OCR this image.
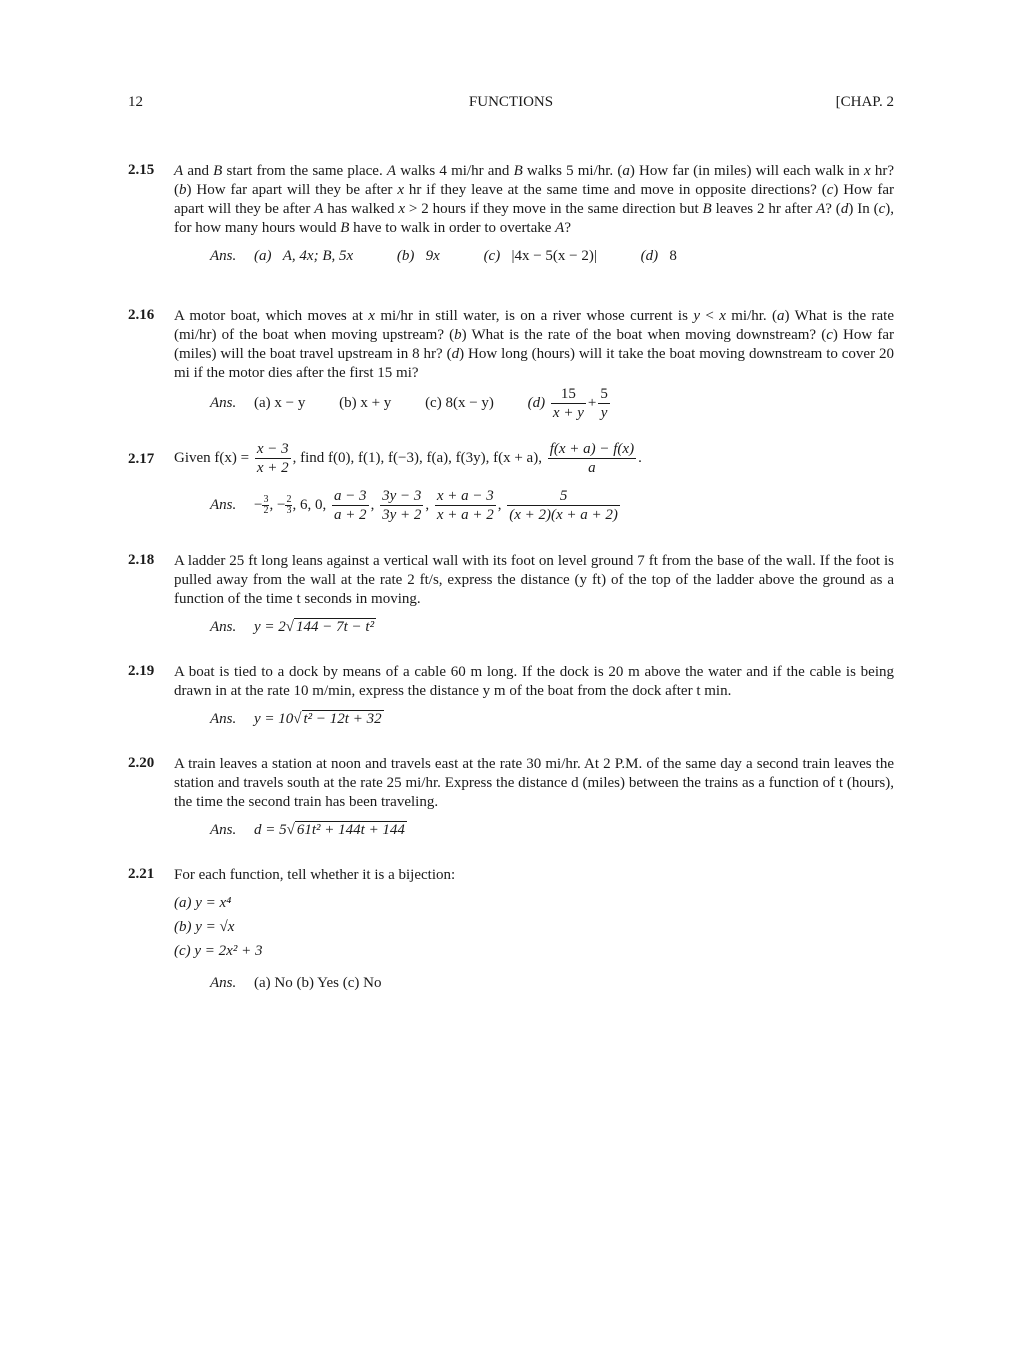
12	FUNCTIONS	[CHAP. 2
2.15 A and B start from the same place. A walks 4 mi/hr and B walks 5 mi/hr. (a) How far (in miles) will each walk in x hr? (b) How far apart will they be after x hr if they leave at the same time and move in opposite directions? (c) How far apart will they be after A has walked x > 2 hours if they move in the same direction but B leaves 2 hr after A? (d) In (c), for how many hours would B have to walk in order to overtake A?
Ans. (a) A, 4x; B, 5x	(b) 9x	(c) |4x − 5(x − 2)|	(d) 8
2.16 A motor boat, which moves at x mi/hr in still water, is on a river whose current is y < x mi/hr. (a) What is the rate (mi/hr) of the boat when moving upstream? (b) What is the rate of the boat when moving downstream? (c) How far (miles) will the boat travel upstream in 8 hr? (d) How long (hours) will it take the boat moving downstream to cover 20 mi if the motor dies after the first 15 mi?
Ans. (a) x − y (b) x + y (c) 8(x − y) $(d) \frac{15}{x + y} + \frac{5}{y}$
2.17 Given $f(x) = \frac{x - 3}{x + 2}$ , find f(0), f(1), f(−3), f(a), f(3y), f(x + a), $\frac{f(x + a) - f(x)}{a}$ .
Ans. − $\frac{3}{2}$ , − $\frac{2}{3}$ , 6, 0, $\frac{a - 3}{a + 2}$ , $\frac{3y - 3}{3y + 2}$ , $\frac{x + a - 3}{x + a + 2}$ , $\frac{5}{(x + 2)(x + a + 2)}$
2.18 A ladder 25 ft long leans against a vertical wall with its foot on level ground 7 ft from the base of the wall. If the foot is pulled away from the wall at the rate 2 ft/s, express the distance (y ft) of the top of the ladder above the ground as a function of the time t seconds in moving.
Ans. y = 2√ 144 − 7t − t²
2.19 A boat is tied to a dock by means of a cable 60 m long. If the dock is 20 m above the water and if the cable is being drawn in at the rate 10 m/min, express the distance y m of the boat from the dock after t min.
Ans. y = 10√ t² − 12t + 32
2.20 A train leaves a station at noon and travels east at the rate 30 mi/hr. At 2 P.M. of the same day a second train leaves the station and travels south at the rate 25 mi/hr. Express the distance d (miles) between the trains as a function of t (hours), the time the second train has been traveling.
Ans. d = 5√ 61t² + 144t + 144
2.21 For each function, tell whether it is a bijection:
(a) y = x⁴
(b) y = √x
(c) y = 2x² + 3
Ans. (a) No (b) Yes (c) No
